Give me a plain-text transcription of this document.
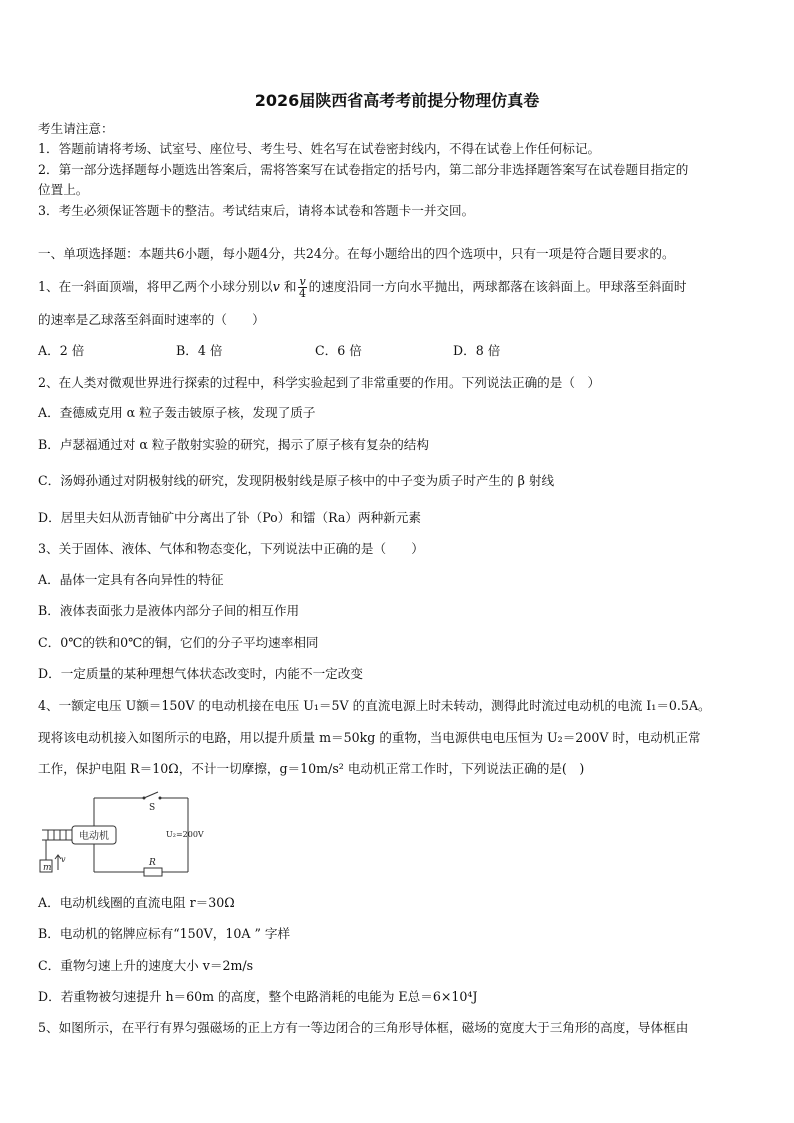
2026届陕西省高考考前提分物理仿真卷
考生请注意：
1．答题前请将考场、试室号、座位号、考生号、姓名写在试卷密封线内，不得在试卷上作任何标记。
2．第一部分选择题每小题选出答案后，需将答案写在试卷指定的括号内，第二部分非选择题答案写在试卷题目指定的
位置上。
3．考生必须保证答题卡的整洁。考试结束后，请将本试卷和答题卡一并交回。
一、单项选择题：本题共6小题，每小题4分，共24分。在每小题给出的四个选项中，只有一项是符合题目要求的。
1、在一斜面顶端，将甲乙两个小球分别以v 和 $\frac{v}{4}$ 的速度沿同一方向水平抛出，两球都落在该斜面上。甲球落至斜面时
的速率是乙球落至斜面时速率的（　　）
A．2 倍	B．4 倍	C．6 倍	D．8 倍
2、在人类对微观世界进行探索的过程中，科学实验起到了非常重要的作用。下列说法正确的是（　）
A．查德威克用 α 粒子轰击铍原子核，发现了质子
B．卢瑟福通过对 α 粒子散射实验的研究，揭示了原子核有复杂的结构
C．汤姆孙通过对阴极射线的研究，发现阴极射线是原子核中的中子变为质子时产生的 β 射线
D．居里夫妇从沥青铀矿中分离出了钋（Po）和镭（Ra）两种新元素
3、关于固体、液体、气体和物态变化，下列说法中正确的是（　　）
A．晶体一定具有各向异性的特征
B．液体表面张力是液体内部分子间的相互作用
C．0℃的铁和0℃的铜，它们的分子平均速率相同
D．一定质量的某种理想气体状态改变时，内能不一定改变
4、一额定电压 U额＝150V 的电动机接在电压 U₁＝5V 的直流电源上时未转动，测得此时流过电动机的电流 I₁＝0.5A。
现将该电动机接入如图所示的电路，用以提升质量 m＝50kg 的重物，当电源供电电压恒为 U₂＝200V 时，电动机正常
工作，保护电阻 R＝10Ω，不计一切摩擦，g＝10m/s² 电动机正常工作时，下列说法正确的是(　)
电动机
S
R
m
v
U₂=200V
A．电动机线圈的直流电阻 r＝30Ω
B．电动机的铭牌应标有“150V，10A ” 字样
C．重物匀速上升的速度大小 v＝2m/s
D．若重物被匀速提升 h＝60m 的高度，整个电路消耗的电能为 E总＝6×10⁴J
5、如图所示，在平行有界匀强磁场的正上方有一等边闭合的三角形导体框，磁场的宽度大于三角形的高度，导体框由
